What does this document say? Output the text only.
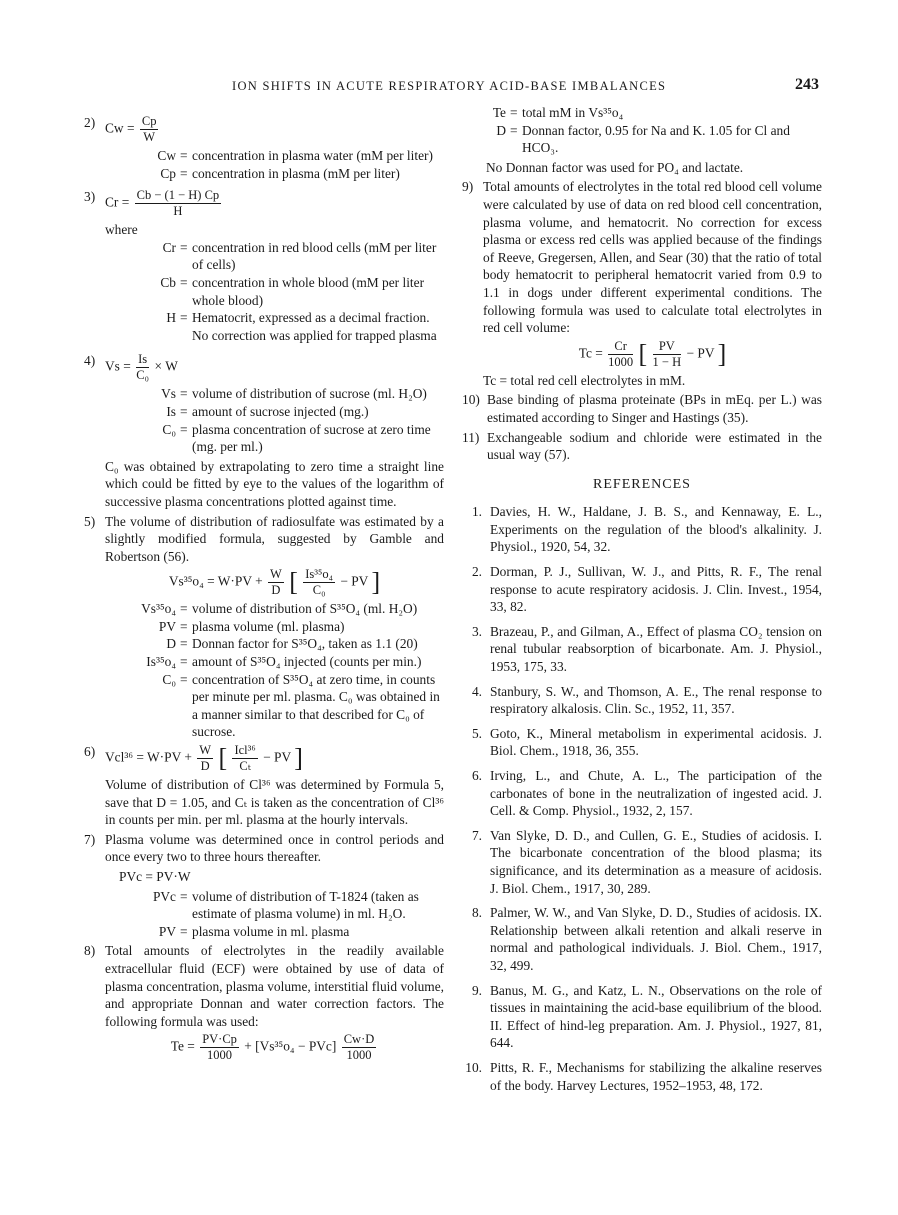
ION SHIFTS IN ACUTE RESPIRATORY ACID-BASE IMBALANCES	243
2) $Cw = \frac{Cp}{W}$
Cw = concentration in plasma water (mM per liter)
Cp = concentration in plasma (mM per liter)
3) $Cr = \frac{Cb - (1 - H) Cp}{H}$
where
Cr = concentration in red blood cells (mM per liter of cells)
Cb = concentration in whole blood (mM per liter whole blood)
H = Hematocrit, expressed as a decimal fraction. No correction was applied for trapped plasma
4) $Vs = \frac{Is}{\text{C₀}} \times W$
Vs = volume of distribution of sucrose (ml. H₂O)
Is = amount of sucrose injected (mg.)
C₀ = plasma concentration of sucrose at zero time (mg. per ml.)
C₀ was obtained by extrapolating to zero time a straight line which could be fitted by eye to the values of the logarithm of successive plasma concentrations plotted against time.
5) The volume of distribution of radiosulfate was estimated by a slightly modified formula, suggested by Gamble and Robertson (56).
$Vs^{35}o_4 = W\cdot PV + \frac{W}{D}$ [ $\frac{\text{Is³⁵o₄}}{\text{C₀}}$ − PV ]
Vs³⁵o₄ = volume of distribution of S³⁵O₄ (ml. H₂O)
PV = plasma volume (ml. plasma)
D = Donnan factor for S³⁵O₄, taken as 1.1 (20)
Is³⁵o₄ = amount of S³⁵O₄ injected (counts per min.)
C₀ = concentration of S³⁵O₄ at zero time, in counts per minute per ml. plasma. C₀ was obtained in a manner similar to that described for C₀ of sucrose.
6) $Vcl^{36} = W\cdot PV + \frac{W}{D}$ [ $\frac{\text{Icl³⁶}}{\text{Cₜ}}$ − PV ]
Volume of distribution of Cl³⁶ was determined by Formula 5, save that D = 1.05, and Cₜ is taken as the concentration of Cl³⁶ in counts per min. per ml. plasma at the hourly intervals.
7) Plasma volume was determined once in control periods and once every two to three hours thereafter.
PVc = PV·W
PVc = volume of distribution of T-1824 (taken as estimate of plasma volume) in ml. H₂O.
PV = plasma volume in ml. plasma
8) Total amounts of electrolytes in the readily available extracellular fluid (ECF) were obtained by use of data of plasma concentration, plasma volume, interstitial fluid volume, and appropriate Donnan and water correction factors. The following formula was used:
$Te = \frac{PV\cdot Cp}{1000} + [Vs^{35}o_4 - PVc] \frac{Cw\cdot D}{1000}$
Te = total mM in Vs³⁵o₄
D = Donnan factor, 0.95 for Na and K. 1.05 for Cl and HCO₃.
No Donnan factor was used for PO₄ and lactate.
9) Total amounts of electrolytes in the total red blood cell volume were calculated by use of data on red blood cell concentration, plasma volume, and hematocrit. No correction for excess plasma or excess red cells was applied because of the findings of Reeve, Gregersen, Allen, and Sear (30) that the ratio of total body hematocrit to peripheral hematocrit varied from 0.9 to 1.1 in dogs under different experimental conditions. The following formula was used to calculate total electrolytes in red cell volume:
$Tc = \frac{Cr}{1000}$ [ $\frac{PV}{1 - H}$ − PV ]
Tc = total red cell electrolytes in mM.
10) Base binding of plasma proteinate (BPs in mEq. per L.) was estimated according to Singer and Hastings (35).
11) Exchangeable sodium and chloride were estimated in the usual way (57).
REFERENCES
1. Davies, H. W., Haldane, J. B. S., and Kennaway, E. L., Experiments on the regulation of the blood's alkalinity. J. Physiol., 1920, 54, 32.
2. Dorman, P. J., Sullivan, W. J., and Pitts, R. F., The renal response to acute respiratory acidosis. J. Clin. Invest., 1954, 33, 82.
3. Brazeau, P., and Gilman, A., Effect of plasma CO₂ tension on renal tubular reabsorption of bicarbonate. Am. J. Physiol., 1953, 175, 33.
4. Stanbury, S. W., and Thomson, A. E., The renal response to respiratory alkalosis. Clin. Sc., 1952, 11, 357.
5. Goto, K., Mineral metabolism in experimental acidosis. J. Biol. Chem., 1918, 36, 355.
6. Irving, L., and Chute, A. L., The participation of the carbonates of bone in the neutralization of ingested acid. J. Cell. & Comp. Physiol., 1932, 2, 157.
7. Van Slyke, D. D., and Cullen, G. E., Studies of acidosis. I. The bicarbonate concentration of the blood plasma; its significance, and its determination as a measure of acidosis. J. Biol. Chem., 1917, 30, 289.
8. Palmer, W. W., and Van Slyke, D. D., Studies of acidosis. IX. Relationship between alkali retention and alkali reserve in normal and pathological individuals. J. Biol. Chem., 1917, 32, 499.
9. Banus, M. G., and Katz, L. N., Observations on the role of tissues in maintaining the acid-base equilibrium of the blood. II. Effect of hind-leg preparation. Am. J. Physiol., 1927, 81, 644.
10. Pitts, R. F., Mechanisms for stabilizing the alkaline reserves of the body. Harvey Lectures, 1952–1953, 48, 172.
